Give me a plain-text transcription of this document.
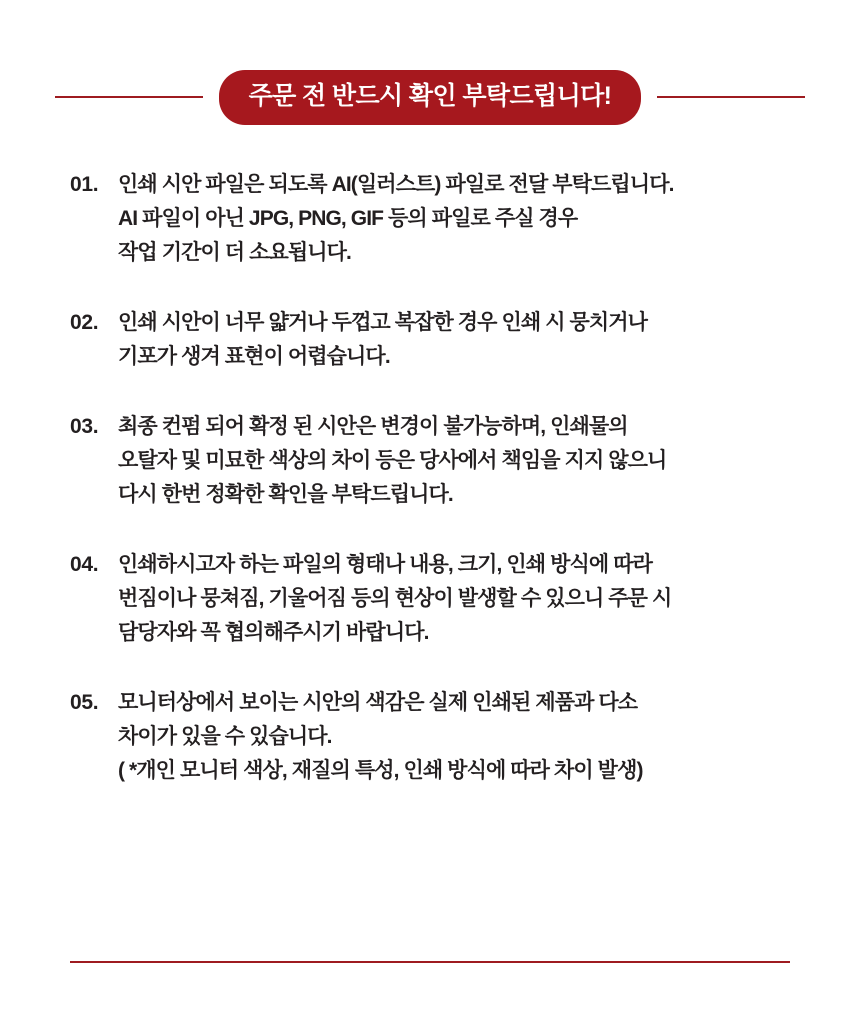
주문 전 반드시 확인 부탁드립니다!
01. 인쇄 시안 파일은 되도록 AI(일러스트) 파일로 전달 부탁드립니다.
AI 파일이 아닌 JPG, PNG, GIF 등의 파일로 주실 경우
작업 기간이 더 소요됩니다.
02. 인쇄 시안이 너무 얇거나 두껍고 복잡한 경우 인쇄 시 뭉치거나
기포가 생겨 표현이 어렵습니다.
03. 최종 컨펌 되어 확정 된 시안은 변경이 불가능하며, 인쇄물의
오탈자 및 미묘한 색상의 차이 등은 당사에서 책임을 지지 않으니
다시 한번 정확한 확인을 부탁드립니다.
04. 인쇄하시고자 하는 파일의 형태나 내용, 크기, 인쇄 방식에 따라
번짐이나 뭉쳐짐, 기울어짐 등의 현상이 발생할 수 있으니 주문 시
담당자와 꼭 협의해주시기 바랍니다.
05. 모니터상에서 보이는 시안의 색감은 실제 인쇄된 제품과 다소
차이가 있을 수 있습니다.
( *개인 모니터 색상, 재질의 특성, 인쇄 방식에 따라 차이 발생)
